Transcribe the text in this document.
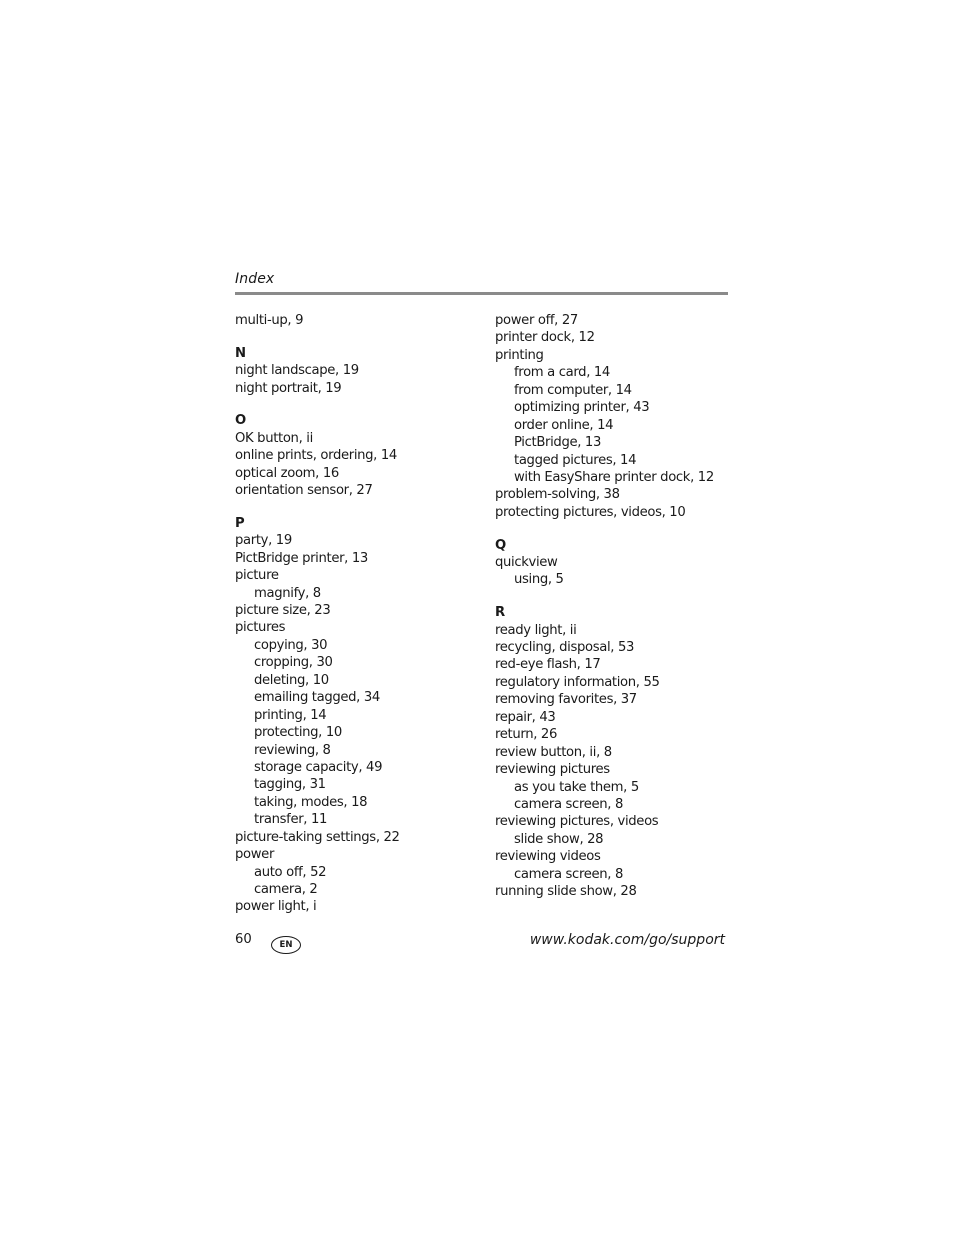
Index
multi-up, 9
N
night landscape, 19
night portrait, 19
O
OK button, ii
online prints, ordering, 14
optical zoom, 16
orientation sensor, 27
P
party, 19
PictBridge printer, 13
picture
magnify, 8
picture size, 23
pictures
copying, 30
cropping, 30
deleting, 10
emailing tagged, 34
printing, 14
protecting, 10
reviewing, 8
storage capacity, 49
tagging, 31
taking, modes, 18
transfer, 11
picture-taking settings, 22
power
auto off, 52
camera, 2
power light, i
power off, 27
printer dock, 12
printing
from a card, 14
from computer, 14
optimizing printer, 43
order online, 14
PictBridge, 13
tagged pictures, 14
with EasyShare printer dock, 12
problem-solving, 38
protecting pictures, videos, 10
Q
quickview
using, 5
R
ready light, ii
recycling, disposal, 53
red-eye flash, 17
regulatory information, 55
removing favorites, 37
repair, 43
return, 26
review button, ii, 8
reviewing pictures
as you take them, 5
camera screen, 8
reviewing pictures, videos
slide show, 28
reviewing videos
camera screen, 8
running slide show, 28
60	EN	www.kodak.com/go/support
